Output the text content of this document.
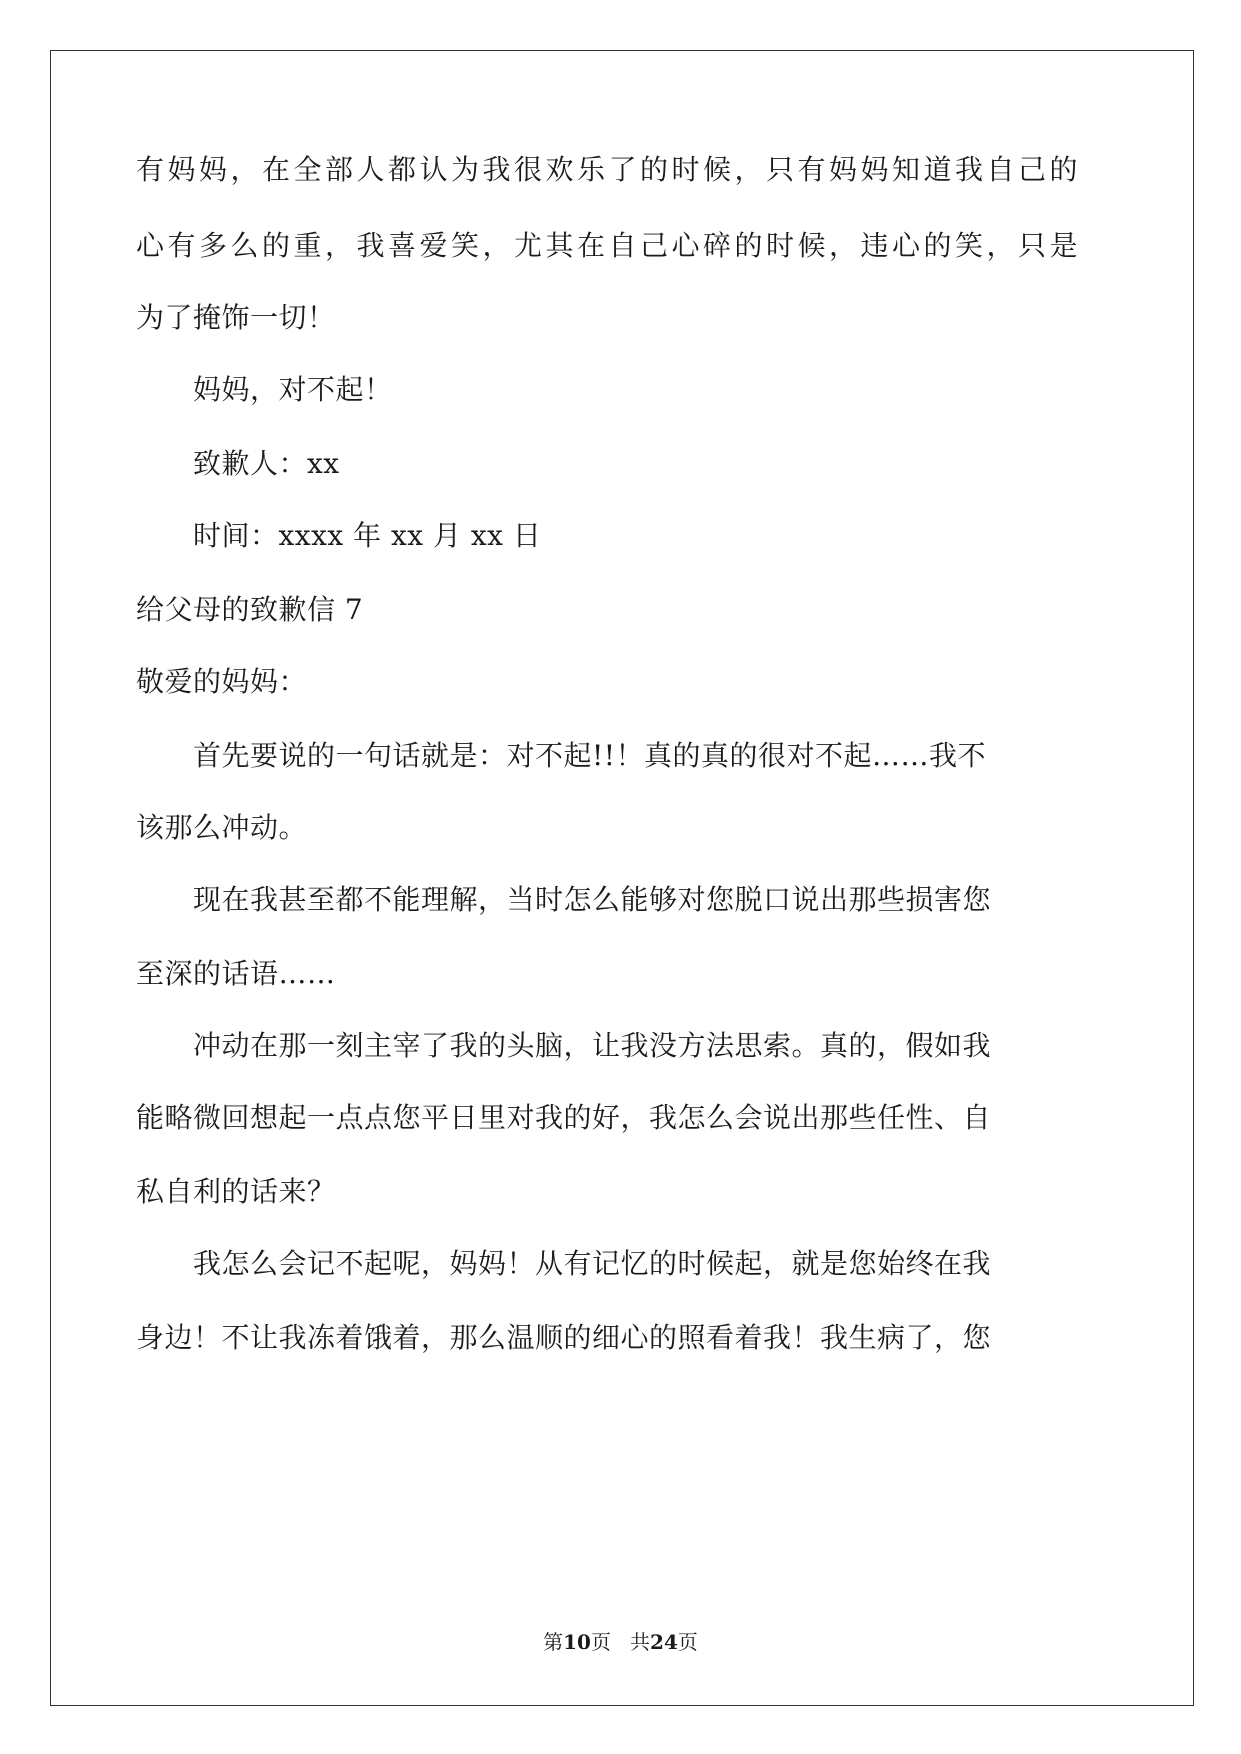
有妈妈，在全部人都认为我很欢乐了的时候，只有妈妈知道我自己的
心有多么的重，我喜爱笑，尤其在自己心碎的时候，违心的笑，只是
为了掩饰一切！
妈妈，对不起！
致歉人：xx
时间：xxxx 年 xx 月 xx 日
给父母的致歉信 7
敬爱的妈妈：
首先要说的一句话就是：对不起!!！真的真的很对不起……我不
该那么冲动。
现在我甚至都不能理解，当时怎么能够对您脱口说出那些损害您
至深的话语……
冲动在那一刻主宰了我的头脑，让我没方法思索。真的，假如我
能略微回想起一点点您平日里对我的好，我怎么会说出那些任性、自
私自利的话来？
我怎么会记不起呢，妈妈！从有记忆的时候起，就是您始终在我
身边！不让我冻着饿着，那么温顺的细心的照看着我！我生病了，您
第10页 共24页
